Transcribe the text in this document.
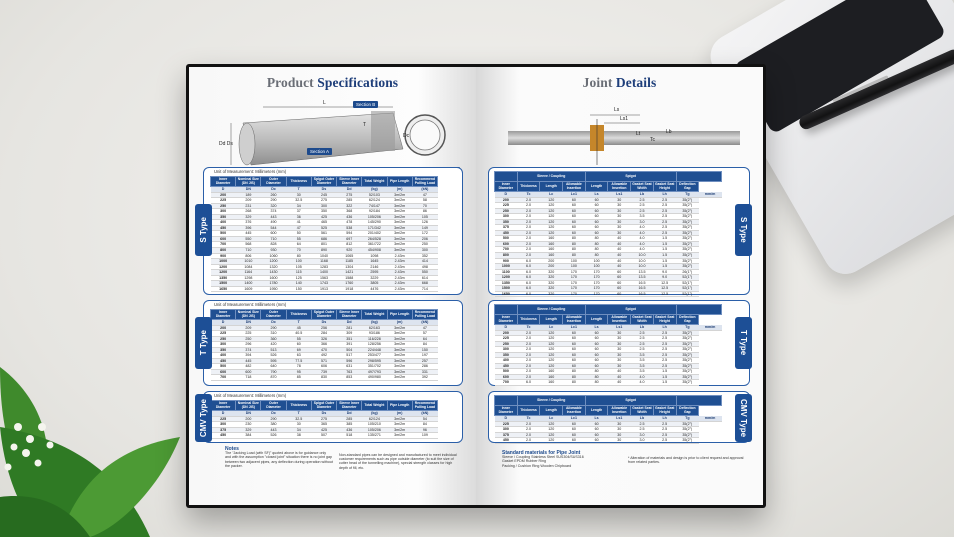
Product Specifications
Section A
Section B
Dd Ds
L
T
Dc
Unit of Measurement: Millimeters (mm)
Inner Diameter	Nominal Size (DN JIS)	Outer Diameter	Thickness	Spigot Outer Diameter	Sleeve Inner Diameter	Total Weight	Pipe Length	Recommend Pulling Load
D	DN	Dc	T	Ds	Dd	(kg)	(m)	(kN)
200	189	260	30	245	275	52/103	3m/2m	47
225	209	290	32.5	275	285	62/124	3m/2m	58
250	231	320	34	300	322	74/147	3m/2m	70
300	268	374	37	350	368	92/184	3m/2m	86
350	329	443	36	425	436	105/206	3m/2m	105
400	376	490	41	465	478	145/290	3m/2m	126
450	396	544	47	525	538	171/342	3m/2m	149
500	445	600	50	561	594	201/402	3m/2m	172
600	550	710	55	686	697	264/528	3m/2m	206
700	568	828	64	801	812	361/722	3m/2m	250
800	710	930	70	890	920	454/908	3m/2m	300
900	806	1060	80	1040	1065	1098	2.43m	352
1000	1010	1200	100	1168	1185	1645	2.43m	414
1200	1084	1320	105	1283	1304	2146	2.43m	498
1200	1164	1430	115	1400	1421	2595	2.43m	550
1350	1298	1600	125	1563	1588	3229	2.43m	614
1500	1400	1780	140	1743	1760	3805	2.43m	668
1650	1609	1950	150	1913	1918	4476	2.43m	714
S Type
Unit of Measurement: Millimeters (mm)
Inner Diameter	Nominal Size (DN JIS)	Outer Diameter	Thickness	Spigot Outer Diameter	Sleeve Inner Diameter	Total Weight	Pipe Length	Recommend Pulling Load
D	DN	Dc	T	Ds	Dd	(kg)	(m)	(kN)
200	209	290	45	256	281	62/163	3m/2m	47
225	225	310	40.5	284	309	93/186	3m/2m	57
250	250	360	55	326	351	116/228	3m/2m	64
300	296	420	60	366	391	128/256	3m/2m	84
350	374	513	69	470	504	224/448	3m/2m	150
400	394	526	63	492	517	253/477	3m/2m	197
450	445	595	77.5	571	596	298/595	3m/2m	257
500	482	640	78	606	631	351/702	3m/2m	286
600	600	790	95	739	763	497/793	3m/2m	331
700	718	870	85	830	853	490/980	3m/2m	392
T Type
Unit of Measurement: Millimeters (mm)
Inner Diameter	Nominal Size (DN JIS)	Outer Diameter	Thickness	Spigot Outer Diameter	Sleeve Inner Diameter	Total Weight	Pipe Length	Recommend Pulling Load
D	DN	Dc	T	Ds	Dd	(kg)	(m)	(kN)
225	200	290	32.5	275	285	62/124	3m/2m	54
300	230	380	30	365	385	105/210	3m/2m	84
375	329	443	34	425	436	105/206	3m/2m	96
450	384	526	38	507	518	135/271	3m/2m	109
CMV Type
Notes
The "Jacking Load (with SF)" quoted above is for guidance only and with the assumption "closed joint" situation there is no joint gap between two adjacent pipes, any deflection during operation without the packer.
Non-standard pipes can be designed and manufactured to meet individual customer requirements such as pipe outside diameter (to suit the size of cutter head of the tunnelling machine), special strength classes for high depth of fill, etc.
Joint Details
Ls
Ls1
Lt
Tc
Lb
	Sleeve / Coupling			Spigot					
Inner Diameter	Thickness	Length	Allowable Insertion	Length	Allowable Insertion	Gasket Seat Width	Gasket Seat Height	Deflection Gap	
D	Tc	Lc	Lc1	Ls	Ls1	Lb	Lh	Tg	mm/m
200	2.0	120	60	60	30	2.5	2.5	35(2°)	
225	2.0	120	60	60	30	2.5	2.5	35(2°)	
250	2.0	120	60	60	30	2.5	2.5	35(2°)	
300	2.0	120	60	60	30	3.5	2.5	35(2°)	
350	2.0	120	60	60	30	3.0	2.5	35(2°)	
375	2.0	120	60	60	30	4.0	2.5	35(2°)	
450	2.0	120	60	60	30	4.0	2.5	35(2°)	
500	2.0	160	80	80	40	4.0	1.5	35(2°)	
600	2.0	160	80	80	40	4.0	1.5	35(2°)	
700	2.0	160	80	80	40	4.0	1.5	35(2°)	
800	2.0	160	80	80	40	10.0	1.5	35(2°)	
900	6.0	200	100	100	40	10.0	1.5	35(2°)	
1000	6.0	200	100	100	40	10.0	1.5	35(2°)	
1100	6.0	320	170	170	60	13.5	9.0	26(1°)	
1200	6.0	320	170	170	60	13.5	9.0	52(1°)	
1350	6.0	320	170	170	60	16.5	12.5	52(1°)	
1500	6.0	320	170	170	60	16.5	12.5	52(1°)	
1650	6.0	320	170	170	60	16.5	12.5	52(1°)	
S Type
	Sleeve / Coupling			Spigot					
Inner Diameter	Thickness	Length	Allowable Insertion	Length	Allowable Insertion	Gasket Seat Width	Gasket Seat Height	Deflection Gap	
D	Tc	Lc	Lc1	Ls	Ls1	Lb	Lh	Tg	mm/m
200	2.0	120	60	60	30	2.5	2.5	35(2°)	
225	2.0	120	60	60	30	2.5	2.5	35(2°)	
250	2.0	120	60	60	30	2.5	2.5	35(2°)	
300	2.0	120	60	60	30	2.5	2.5	35(2°)	
350	2.0	120	60	60	30	3.5	2.5	35(2°)	
400	2.0	120	60	60	30	3.5	2.5	35(2°)	
450	2.0	120	60	60	30	3.5	2.5	35(2°)	
500	2.0	160	80	80	40	3.5	1.5	35(2°)	
600	2.0	160	80	80	40	4.0	1.5	35(2°)	
700	6.0	160	80	80	40	4.0	1.5	35(2°)	
T Type
	Sleeve / Coupling			Spigot					
Inner Diameter	Thickness	Length	Allowable Insertion	Length	Allowable Insertion	Gasket Seat Width	Gasket Seat Height	Deflection Gap	
D	Tc	Lc	Lc1	Ls	Ls1	Lb	Lh	Tg	mm/m
225	2.0	120	60	60	30	2.5	2.5	35(2°)	
300	2.0	120	60	60	30	2.5	2.5	35(2°)	
375	2.0	120	60	60	30	3.0	2.5	35(2°)	
450	2.0	120	60	60	30	3.0	2.5	35(2°)	
CMV Type
Standard materials for Pipe Joint
Sleeve / Coupling Stainless Steel SUS304/SUS316
Gasket EPDM Rubber Ring
Packing / Cushion Ring Wooden Chipboard
* Alteration of materials and design is prior to client request and approval from related parties.
